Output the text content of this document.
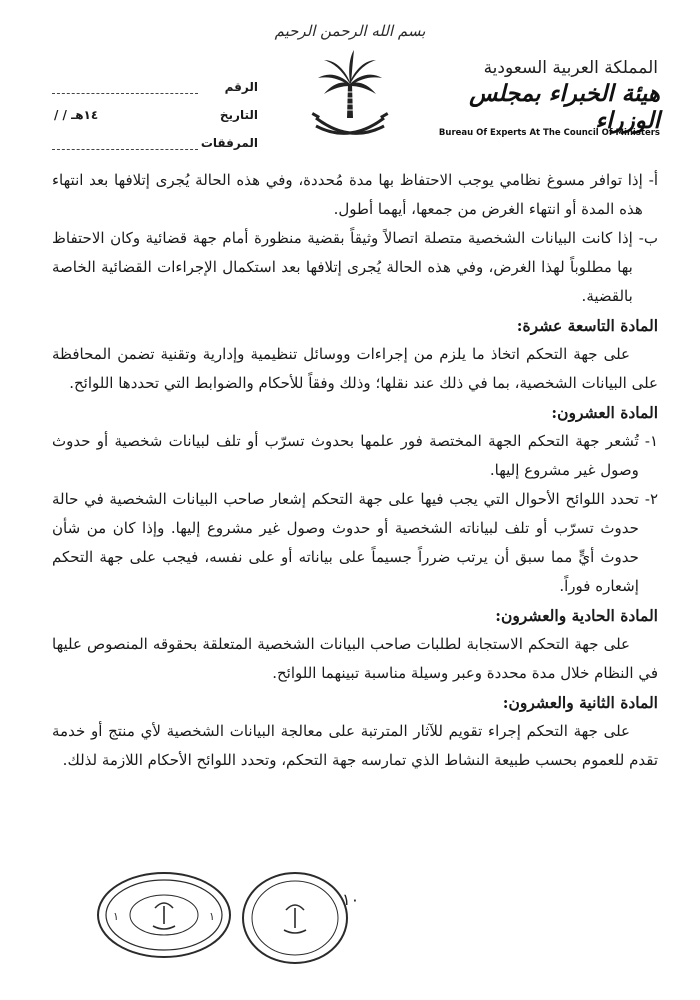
بسم الله الرحمن الرحيم
المملكة العربية السعودية
هيئة الخبراء بمجلس الوزراء
Bureau Of Experts At The Council Of Ministers
الرقم
التاريخ
/ / ١٤هـ
المرفقات
أ-
إذا توافر مسوغ نظامي يوجب الاحتفاظ بها مدة مُحددة، وفي هذه الحالة يُجرى إتلافها بعد انتهاء هذه المدة أو انتهاء الغرض من جمعها، أيهما أطول.
ب-
إذا كانت البيانات الشخصية متصلة اتصالاً وثيقاً بقضية منظورة أمام جهة قضائية وكان الاحتفاظ بها مطلوباً لهذا الغرض، وفي هذه الحالة يُجرى إتلافها بعد استكمال الإجراءات القضائية الخاصة بالقضية.

المادة التاسعة عشرة:

على جهة التحكم اتخاذ ما يلزم من إجراءات ووسائل تنظيمية وإدارية وتقنية تضمن المحافظة على البيانات الشخصية، بما في ذلك عند نقلها؛ وذلك وفقاً للأحكام والضوابط التي تحددها اللوائح.

المادة العشرون:

١-
تُشعر جهة التحكم الجهة المختصة فور علمها بحدوث تسرّب أو تلف لبيانات شخصية أو حدوث وصول غير مشروع إليها.
٢-
تحدد اللوائح الأحوال التي يجب فيها على جهة التحكم إشعار صاحب البيانات الشخصية في حالة حدوث تسرّب أو تلف لبياناته الشخصية أو حدوث وصول غير مشروع إليها. وإذا كان من شأن حدوث أيٍّ مما سبق أن يرتب ضرراً جسيماً على بياناته أو على نفسه، فيجب على جهة التحكم إشعاره فوراً.

المادة الحادية والعشرون:

على جهة التحكم الاستجابة لطلبات صاحب البيانات الشخصية المتعلقة بحقوقه المنصوص عليها في النظام خلال مدة محددة وعبر وسيلة مناسبة تبينهما اللوائح.

المادة الثانية والعشرون:

على جهة التحكم إجراء تقويم للآثار المترتبة على معالجة البيانات الشخصية لأي منتج أو خدمة تقدم للعموم بحسب طبيعة النشاط الذي تمارسه جهة التحكم، وتحدد اللوائح الأحكام اللازمة لذلك.

١	١
١٠
